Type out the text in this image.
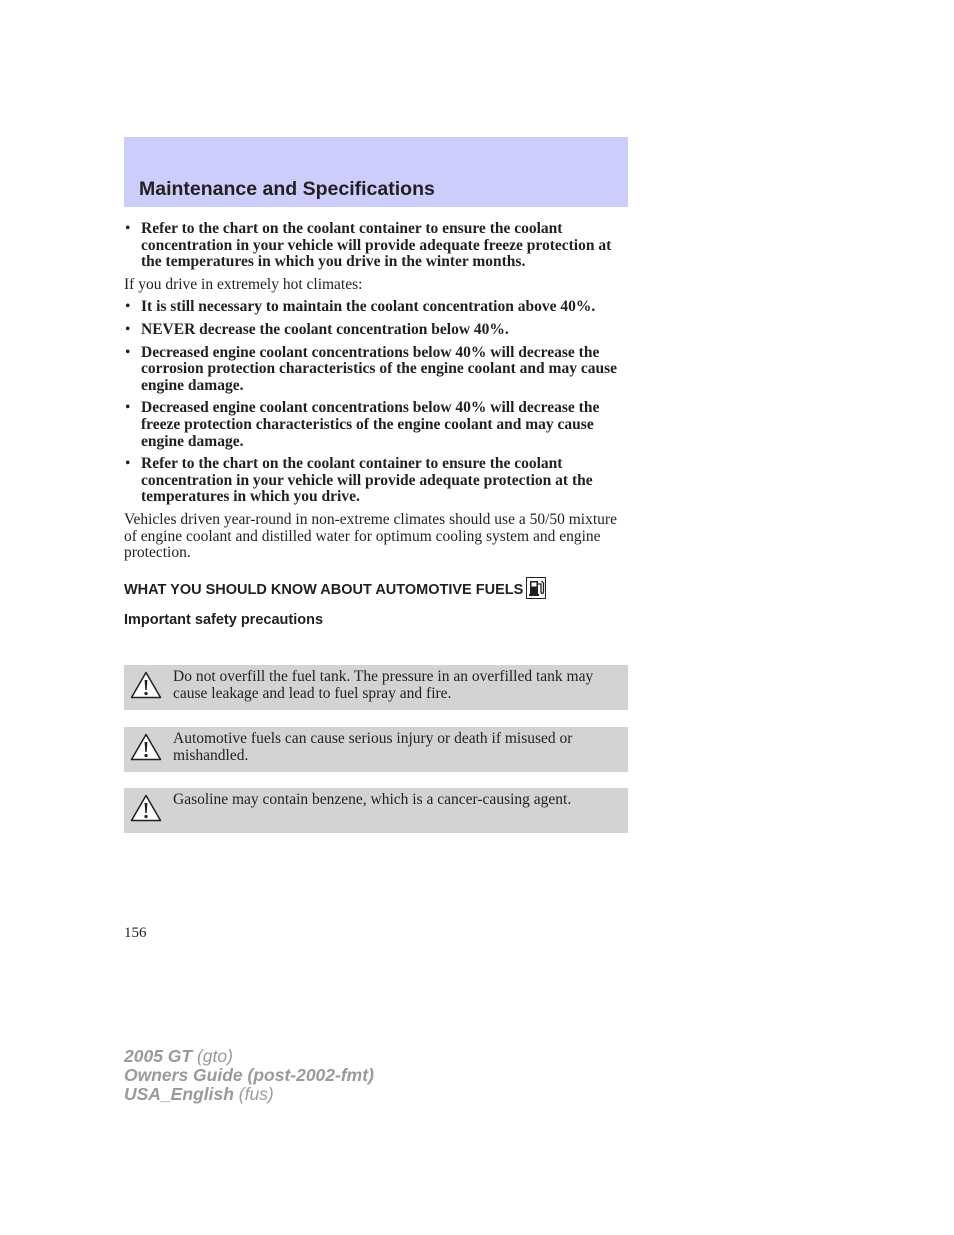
Maintenance and Specifications
• Refer to the chart on the coolant container to ensure the coolant concentration in your vehicle will provide adequate freeze protection at the temperatures in which you drive in the winter months.

If you drive in extremely hot climates:

• It is still necessary to maintain the coolant concentration above 40%.
• NEVER decrease the coolant concentration below 40%.
• Decreased engine coolant concentrations below 40% will decrease the corrosion protection characteristics of the engine coolant and may cause engine damage.
• Decreased engine coolant concentrations below 40% will decrease the freeze protection characteristics of the engine coolant and may cause engine damage.
• Refer to the chart on the coolant container to ensure the coolant concentration in your vehicle will provide adequate protection at the temperatures in which you drive.

Vehicles driven year-round in non-extreme climates should use a 50/50 mixture of engine coolant and distilled water for optimum cooling system and engine protection.

WHAT YOU SHOULD KNOW ABOUT AUTOMOTIVE FUELS
Important safety precautions
Do not overfill the fuel tank. The pressure in an overfilled tank may cause leakage and lead to fuel spray and fire.
Automotive fuels can cause serious injury or death if misused or mishandled.
Gasoline may contain benzene, which is a cancer-causing agent.
156
2005 GT (gto)
Owners Guide (post-2002-fmt)
USA_English (fus)
